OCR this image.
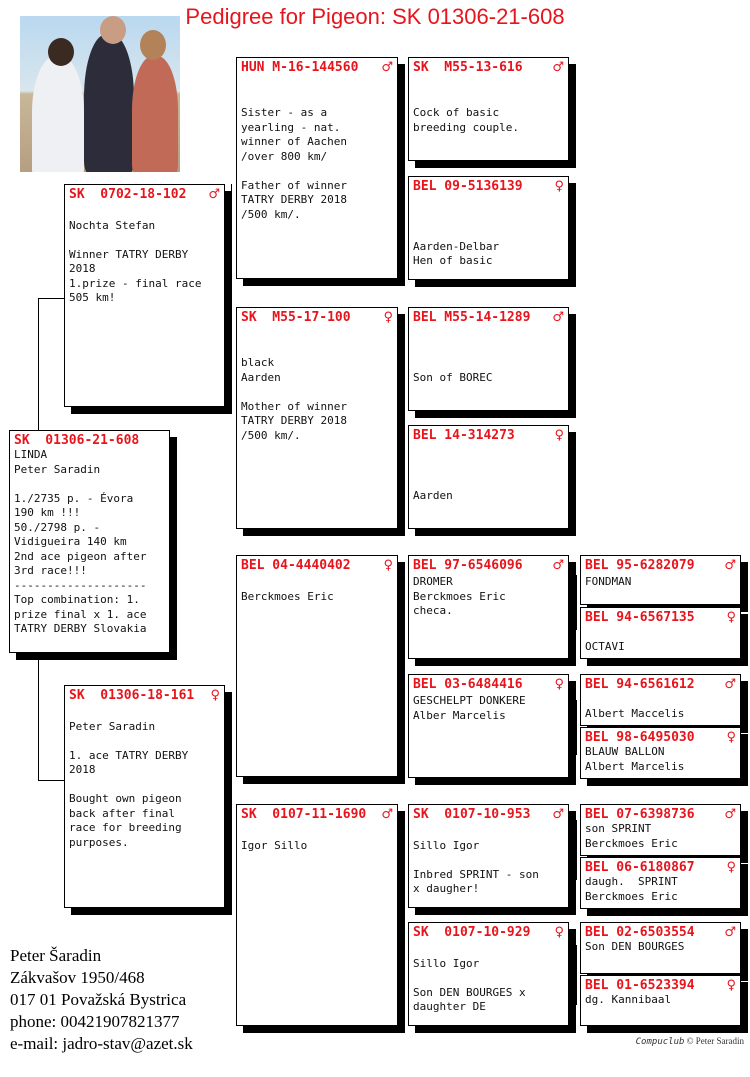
Pedigree for Pigeon: SK 01306-21-608
SK  01306-21-608
LINDA
Peter Saradin

1./2735 p. - Évora
190 km !!!
50./2798 p. -
Vidigueira 140 km
2nd ace pigeon after
3rd race!!!
--------------------
Top combination: 1.
prize final x 1. ace
TATRY DERBY Slovakia
SK  0702-18-102 ♂

Nochta Stefan

Winner TATRY DERBY
2018
1.prize - final race
505 km!
SK  01306-18-161 ♀

Peter Saradin

1. ace TATRY DERBY
2018

Bought own pigeon
back after final
race for breeding
purposes.
HUN M-16-144560 ♂

Sister - as a
yearling - nat.
winner of Aachen
/over 800 km/

Father of winner
TATRY DERBY 2018
/500 km/.
SK  M55-17-100	♀

black
Aarden

Mother of winner
TATRY DERBY 2018
/500 km/.
BEL 04-4440402	♀

Berckmoes Eric
SK  0107-11-1690 ♂

Igor Sillo
SK  M55-13-616 ♂

Cock of basic
breeding couple.
BEL 09-5136139 ♀

Aarden-Delbar
Hen of basic
BEL M55-14-1289 ♂

Son of BOREC
BEL 14-314273	♀

Aarden
BEL 97-6546096 ♂
DROMER
Berckmoes Eric
checa.
BEL 03-6484416 ♀
GESCHELPT DONKERE
Alber Marcelis
SK  0107-10-953 ♂

Sillo Igor

Inbred SPRINT - son
x daugher!
SK  0107-10-929 ♀

Sillo Igor

Son DEN BOURGES x
daughter DE
BEL 95-6282079 ♂
FONDMAN
BEL 94-6567135 ♀

OCTAVI
BEL 94-6561612 ♂

Albert Maccelis
BEL 98-6495030 ♀
BLAUW BALLON
Albert Marcelis
BEL 07-6398736 ♂
son SPRINT
Berckmoes Eric
BEL 06-6180867 ♀
daugh.  SPRINT
Berckmoes Eric
BEL 02-6503554 ♂
Son DEN BOURGES
BEL 01-6523394 ♀
dg. Kannibaal
Peter Šaradin
Zákvašov 1950/468
017 01 Považská Bystrica
phone: 00421907821377
e-mail: jadro-stav@azet.sk	Compuclub © Peter Saradin
